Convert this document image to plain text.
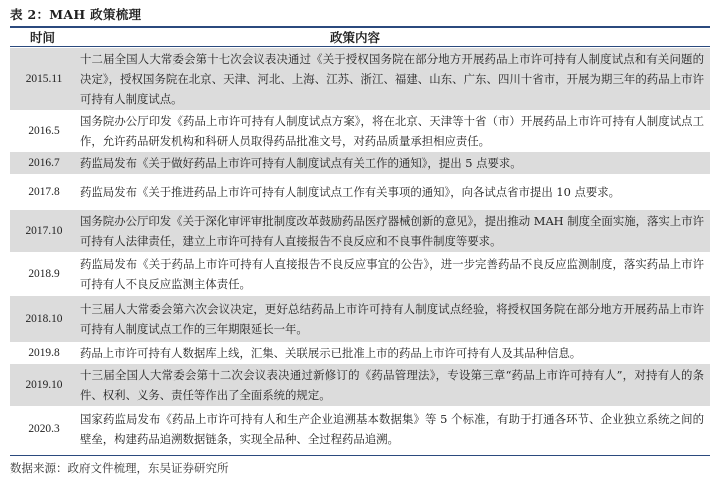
表 2：MAH 政策梳理
时间	政策内容
2015.11	十二届全国人大常委会第十七次会议表决通过《关于授权国务院在部分地方开展药品上市许可持有人制度试点和有关问题的决定》，授权国务院在北京、天津、河北、上海、江苏、浙江、福建、山东、广东、四川十省市，开展为期三年的药品上市许可持有人制度试点。
2016.5	国务院办公厅印发《药品上市许可持有人制度试点方案》，将在北京、天津等十省（市）开展药品上市许可持有人制度试点工作，允许药品研发机构和科研人员取得药品批准文号，对药品质量承担相应责任。
2016.7	药监局发布《关于做好药品上市许可持有人制度试点有关工作的通知》，提出 5 点要求。
2017.8	药监局发布《关于推进药品上市许可持有人制度试点工作有关事项的通知》，向各试点省市提出 10 点要求。
2017.10	国务院办公厅印发《关于深化审评审批制度改革鼓励药品医疗器械创新的意见》，提出推动 MAH 制度全面实施，落实上市许可持有人法律责任，建立上市许可持有人直接报告不良反应和不良事件制度等要求。
2018.9	药监局发布《关于药品上市许可持有人直接报告不良反应事宜的公告》，进一步完善药品不良反应监测制度，落实药品上市许可持有人不良反应监测主体责任。
2018.10	十三届人大常委会第六次会议决定，更好总结药品上市许可持有人制度试点经验，将授权国务院在部分地方开展药品上市许可持有人制度试点工作的三年期限延长一年。
2019.8	药品上市许可持有人数据库上线，汇集、关联展示已批准上市的药品上市许可持有人及其品种信息。
2019.10	十三届全国人大常委会第十二次会议表决通过新修订的《药品管理法》，专设第三章“药品上市许可持有人”，对持有人的条件、权利、义务、责任等作出了全面系统的规定。
2020.3	国家药监局发布《药品上市许可持有人和生产企业追溯基本数据集》等 5 个标准，有助于打通各环节、企业独立系统之间的壁垒，构建药品追溯数据链条，实现全品种、全过程药品追溯。
数据来源：政府文件梳理，东吴证券研究所
